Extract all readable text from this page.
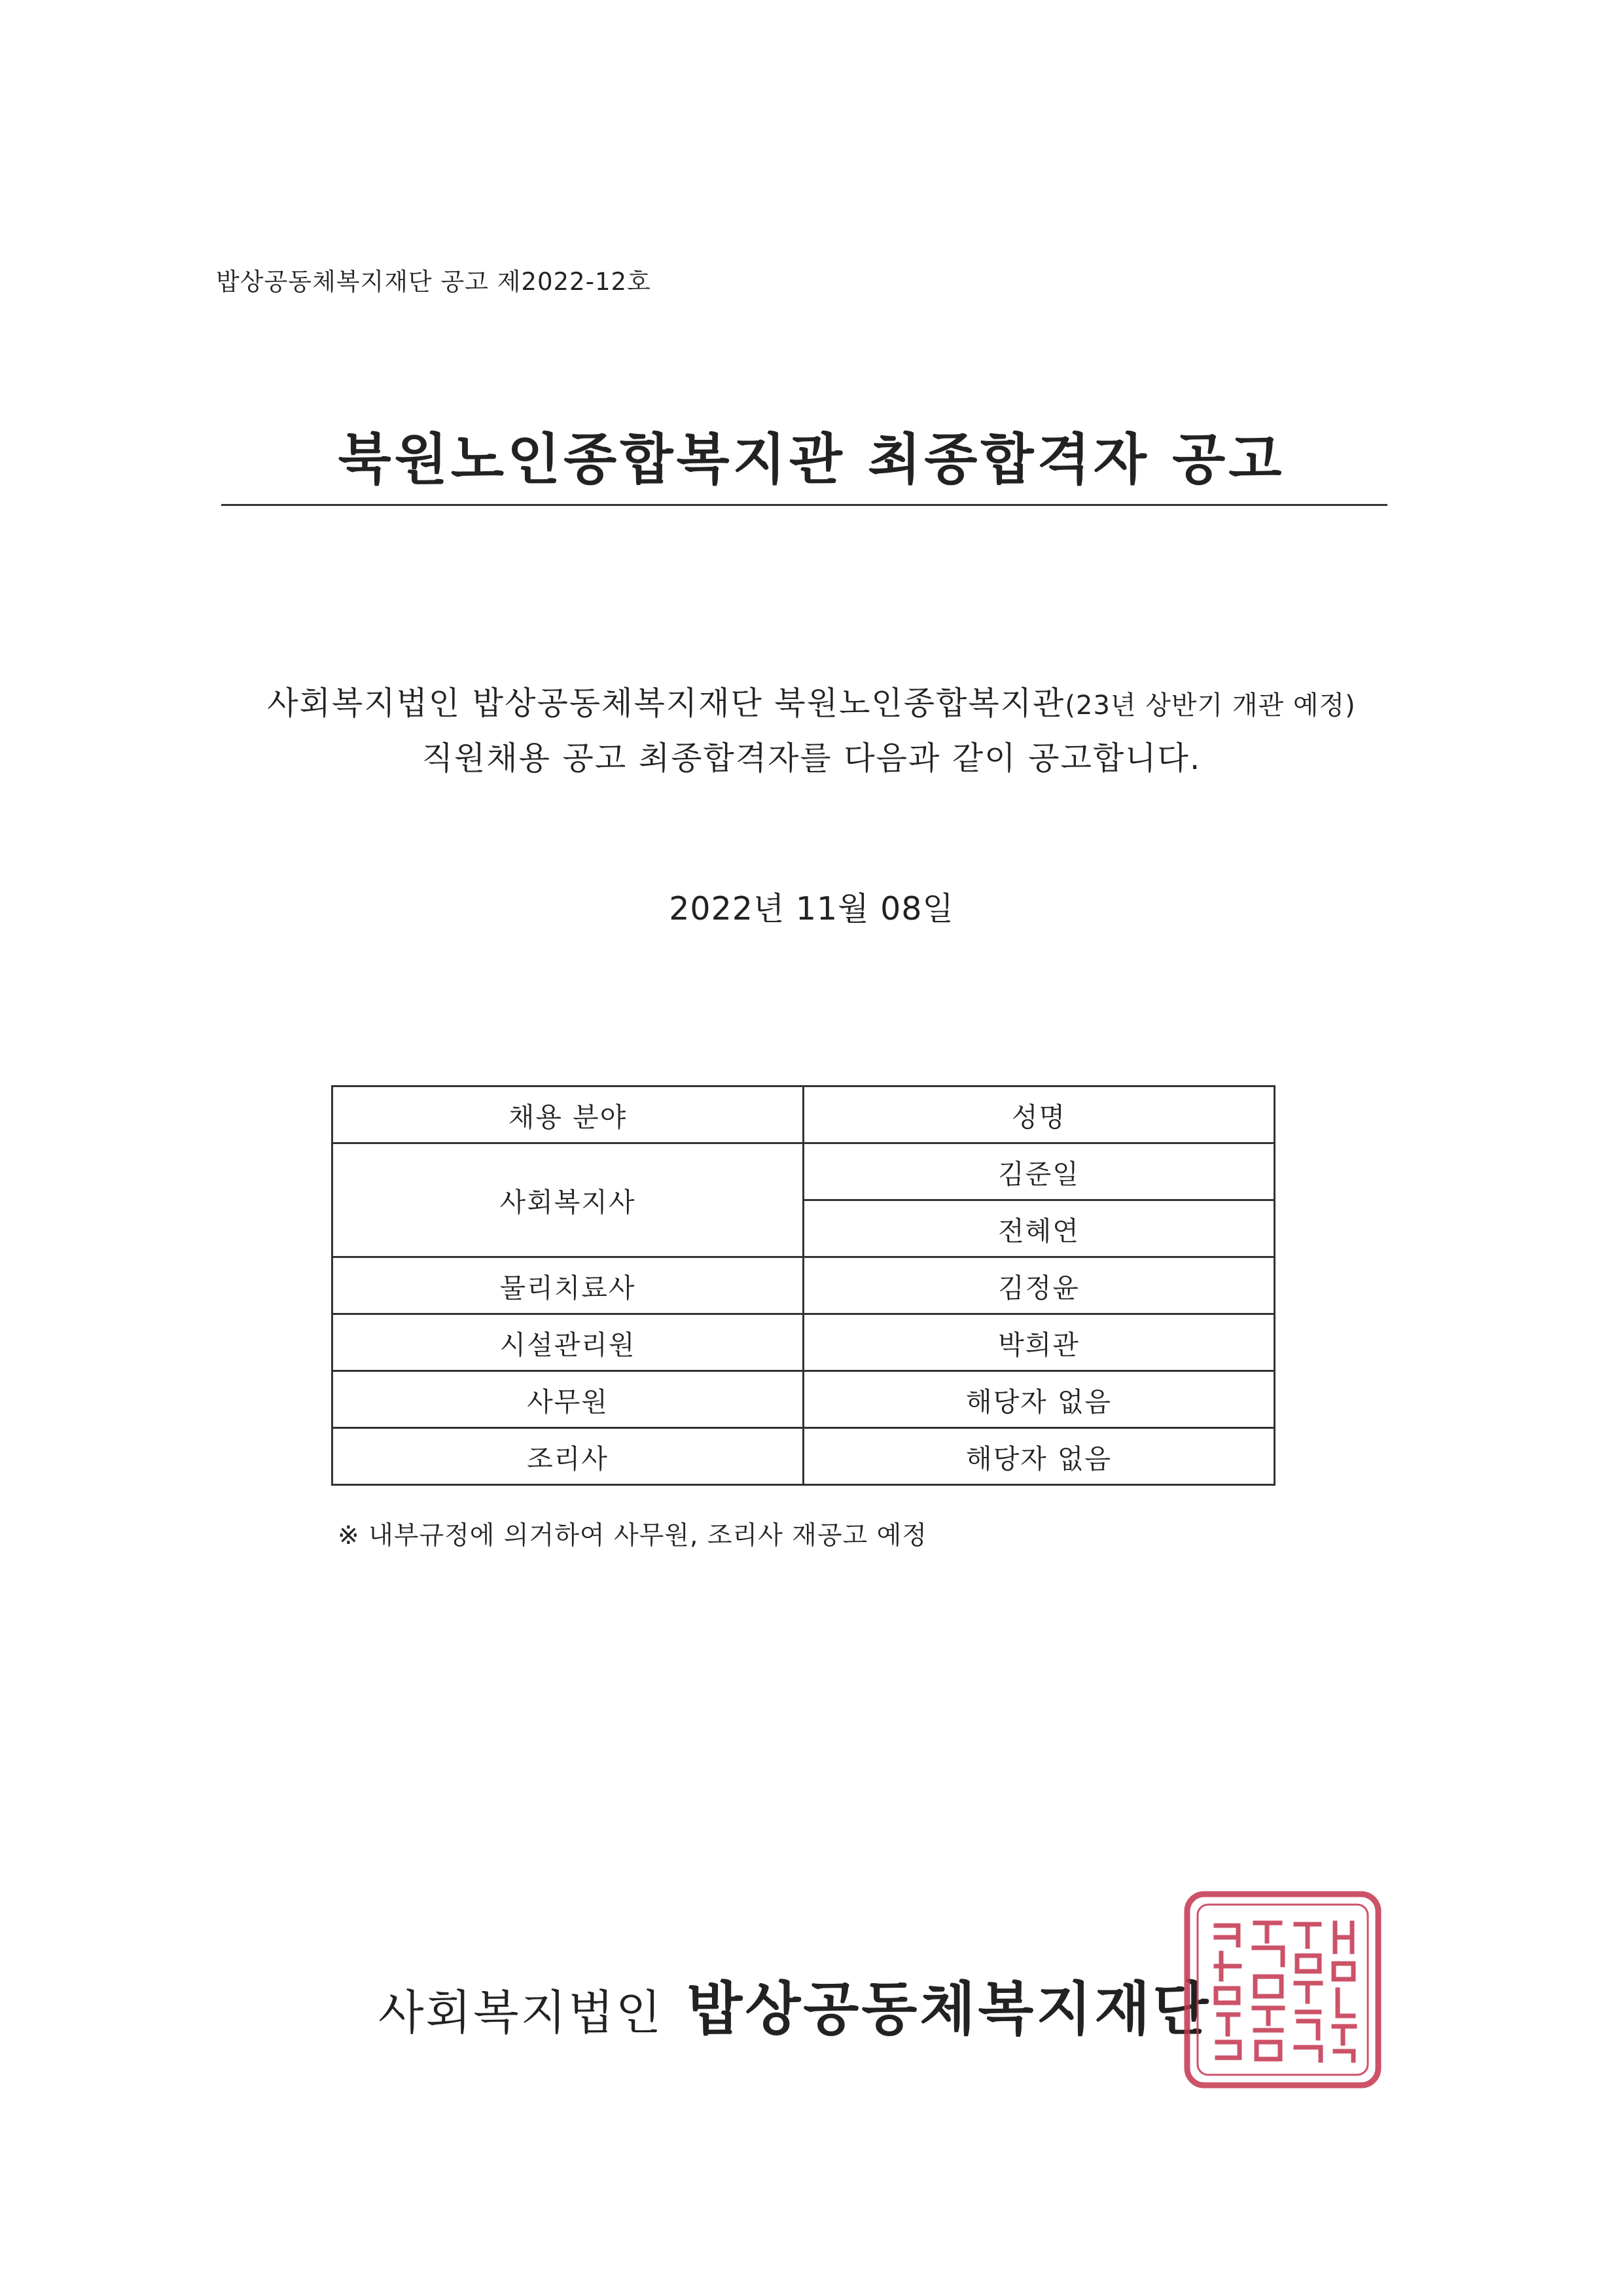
밥상공동체복지재단 공고 제2022-12호
북원노인종합복지관 최종합격자 공고
사회복지법인 밥상공동체복지재단 북원노인종합복지관(23년 상반기 개관 예정)
직원채용 공고 최종합격자를 다음과 같이 공고합니다.
2022년 11월 08일
채용 분야	성명
사회복지사	김준일
	전혜연
물리치료사	김정윤
시설관리원	박희관
사무원	해당자 없음
조리사	해당자 없음
※ 내부규정에 의거하여 사무원, 조리사 재공고 예정
사회복지법인 밥상공동체복지재단
